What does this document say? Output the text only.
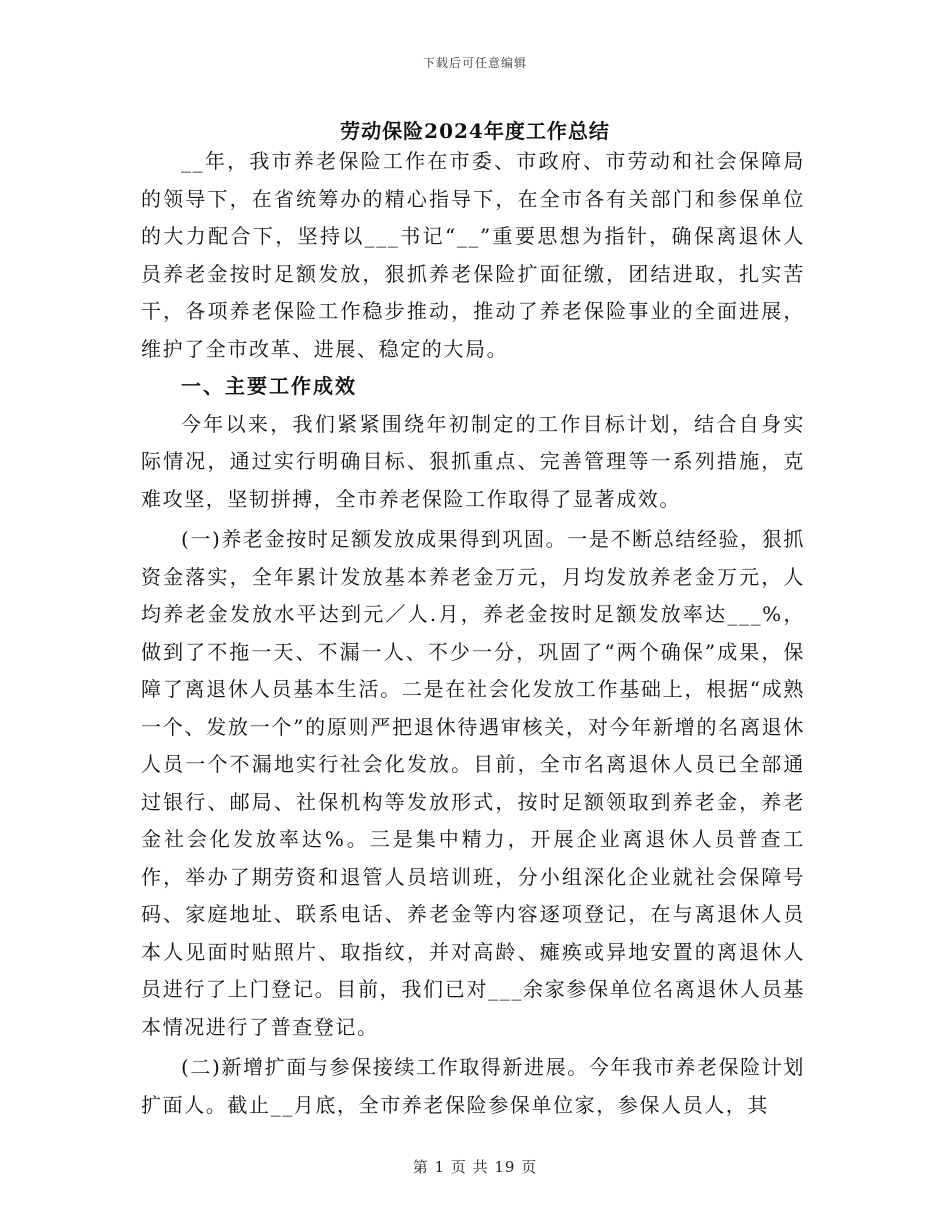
下载后可任意编辑
劳动保险2024年度工作总结

__年，我市养老保险工作在市委、市政府、市劳动和社会保障局的领导下，在省统筹办的精心指导下，在全市各有关部门和参保单位的大力配合下，坚持以___书记“__”重要思想为指针，确保离退休人员养老金按时足额发放，狠抓养老保险扩面征缴，团结进取，扎实苦干，各项养老保险工作稳步推动，推动了养老保险事业的全面进展，维护了全市改革、进展、稳定的大局。

一、主要工作成效

今年以来，我们紧紧围绕年初制定的工作目标计划，结合自身实际情况，通过实行明确目标、狠抓重点、完善管理等一系列措施，克难攻坚，坚韧拼搏，全市养老保险工作取得了显著成效。

(一)养老金按时足额发放成果得到巩固。一是不断总结经验，狠抓资金落实，全年累计发放基本养老金万元，月均发放养老金万元，人均养老金发放水平达到元／人.月，养老金按时足额发放率达___%，做到了不拖一天、不漏一人、不少一分，巩固了“两个确保”成果，保障了离退休人员基本生活。二是在社会化发放工作基础上，根据“成熟一个、发放一个”的原则严把退休待遇审核关，对今年新增的名离退休人员一个不漏地实行社会化发放。目前，全市名离退休人员已全部通过银行、邮局、社保机构等发放形式，按时足额领取到养老金，养老金社会化发放率达%。三是集中精力，开展企业离退休人员普查工作，举办了期劳资和退管人员培训班，分小组深化企业就社会保障号码、家庭地址、联系电话、养老金等内容逐项登记，在与离退休人员本人见面时贴照片、取指纹，并对高龄、瘫痪或异地安置的离退休人员进行了上门登记。目前，我们已对___余家参保单位名离退休人员基本情况进行了普查登记。

(二)新增扩面与参保接续工作取得新进展。今年我市养老保险计划扩面人。截止__月底，全市养老保险参保单位家，参保人员人，其

第 1 页 共 19 页
